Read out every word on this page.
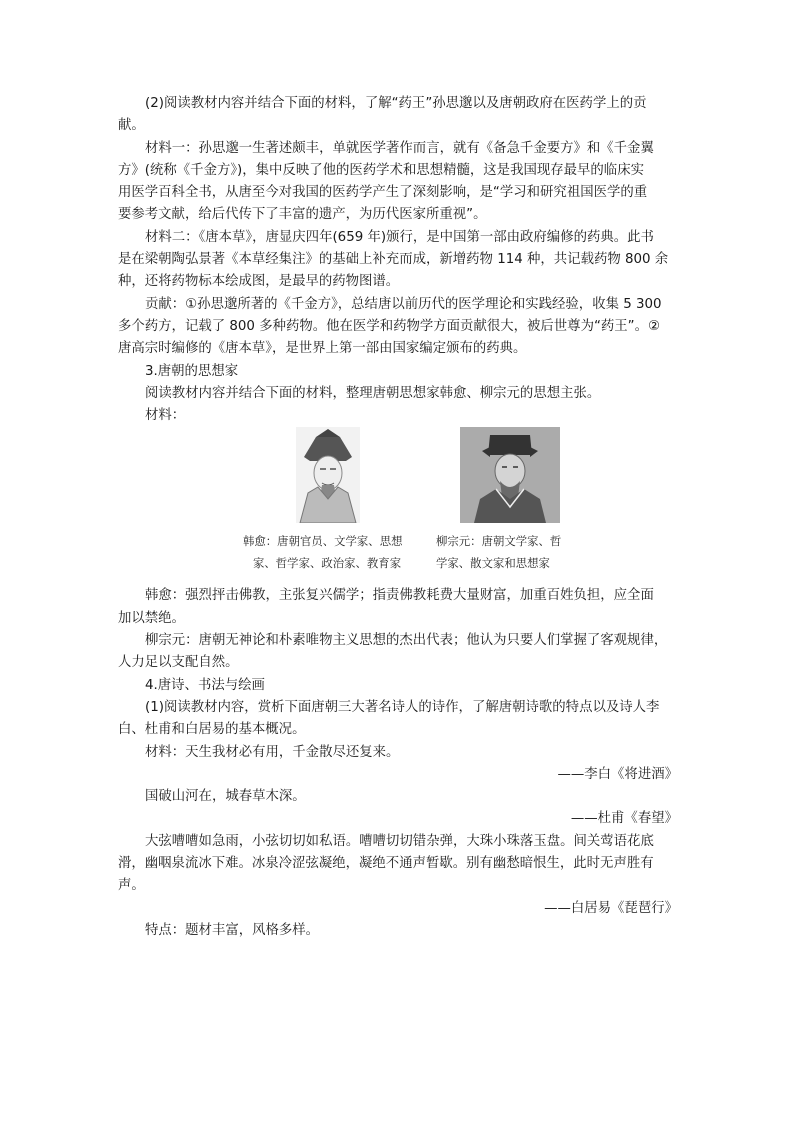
(2)阅读教材内容并结合下面的材料，了解“药王”孙思邈以及唐朝政府在医药学上的贡

献。

材料一：孙思邈一生著述颇丰，单就医学著作而言，就有《备急千金要方》和《千金翼

方》(统称《千金方》)，集中反映了他的医药学术和思想精髓，这是我国现存最早的临床实

用医学百科全书，从唐至今对我国的医药学产生了深刻影响，是“学习和研究祖国医学的重

要参考文献，给后代传下了丰富的遗产，为历代医家所重视”。

材料二：《唐本草》，唐显庆四年(659 年)颁行，是中国第一部由政府编修的药典。此书

是在梁朝陶弘景著《本草经集注》的基础上补充而成，新增药物 114 种，共记载药物 800 余

种，还将药物标本绘成图，是最早的药物图谱。

贡献：①孙思邈所著的《千金方》，总结唐以前历代的医学理论和实践经验，收集 5 300

多个药方，记载了 800 多种药物。他在医学和药物学方面贡献很大，被后世尊为“药王”。②

唐高宗时编修的《唐本草》，是世界上第一部由国家编定颁布的药典。

3.唐朝的思想家

阅读教材内容并结合下面的材料，整理唐朝思想家韩愈、柳宗元的思想主张。

材料：

韩愈：唐朝官员、文学家、思想
家、哲学家、政治家、教育家
柳宗元：唐朝文学家、哲
学家、散文家和思想家

韩愈：强烈抨击佛教，主张复兴儒学；指责佛教耗费大量财富，加重百姓负担，应全面

加以禁绝。

柳宗元：唐朝无神论和朴素唯物主义思想的杰出代表；他认为只要人们掌握了客观规律，

人力足以支配自然。

4.唐诗、书法与绘画

(1)阅读教材内容，赏析下面唐朝三大著名诗人的诗作，了解唐朝诗歌的特点以及诗人李

白、杜甫和白居易的基本概况。

材料：天生我材必有用，千金散尽还复来。

——李白《将进酒》

国破山河在，城春草木深。

——杜甫《春望》

大弦嘈嘈如急雨，小弦切切如私语。嘈嘈切切错杂弹，大珠小珠落玉盘。间关莺语花底

滑，幽咽泉流冰下难。冰泉冷涩弦凝绝，凝绝不通声暂歇。别有幽愁暗恨生，此时无声胜有

声。

——白居易《琵琶行》

特点：题材丰富，风格多样。
